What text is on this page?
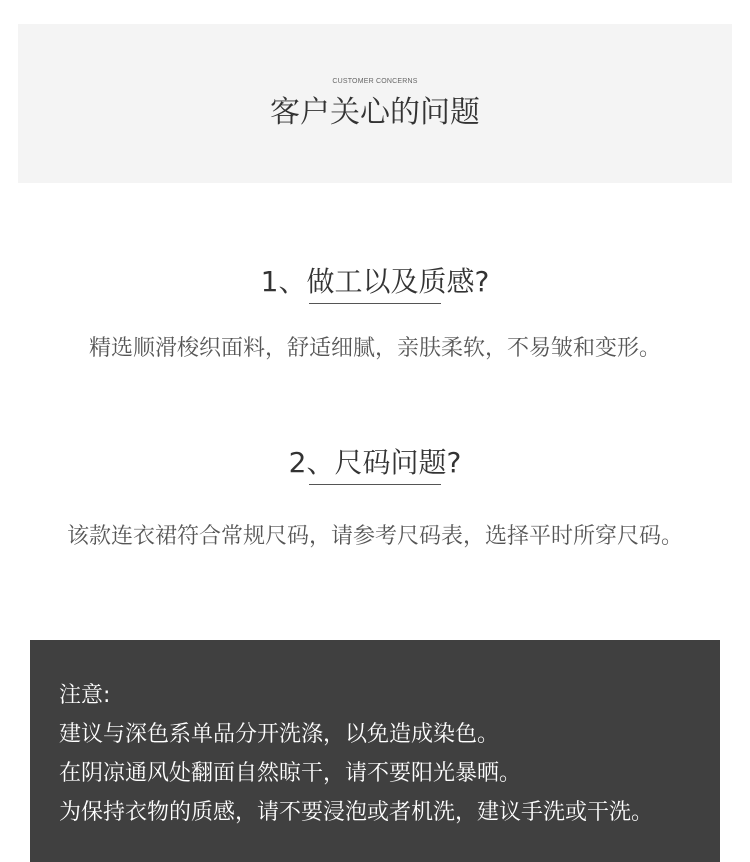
CUSTOMER CONCERNS
客户关心的问题
1、做工以及质感?
精选顺滑梭织面料，舒适细腻，亲肤柔软，不易皱和变形。
2、尺码问题?
该款连衣裙符合常规尺码，请参考尺码表，选择平时所穿尺码。
注意:
建议与深色系单品分开洗涤，以免造成染色。
在阴凉通风处翻面自然晾干，请不要阳光暴晒。
为保持衣物的质感，请不要浸泡或者机洗，建议手洗或干洗。
